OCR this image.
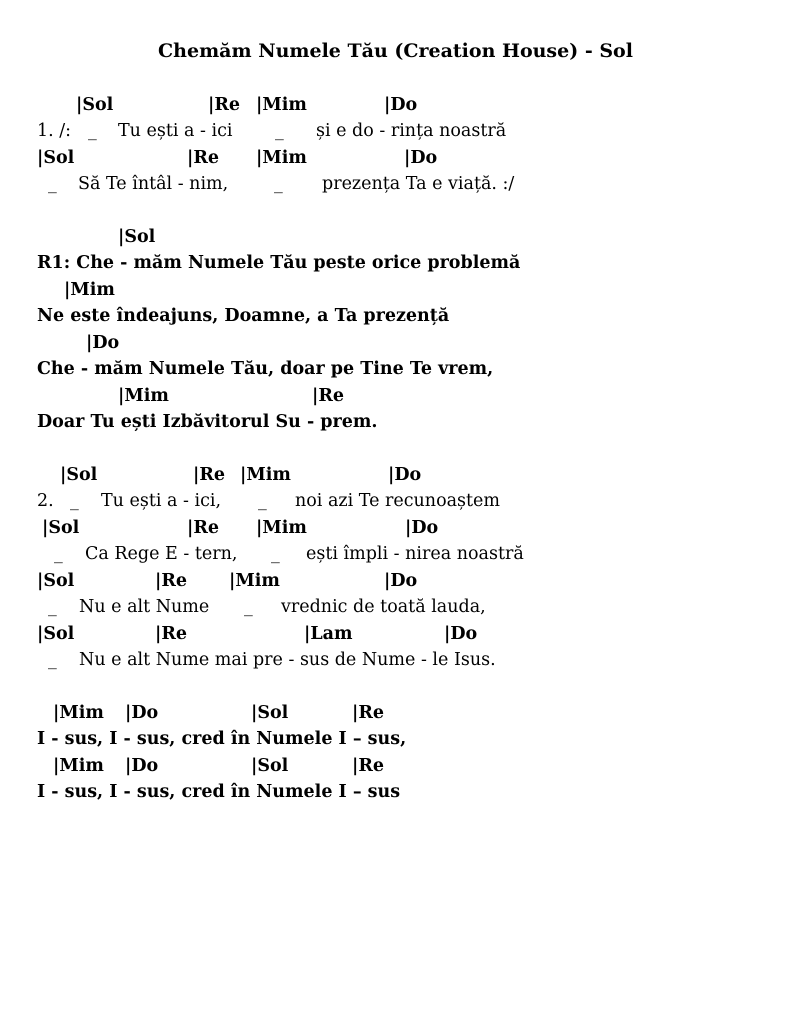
Chemăm Numele Tău (Creation House) - Sol
|Sol	|Re |Mim	|Do
1. /: _ Tu ești a - ici _ și e do - rința noastră
|Sol	|Re |Mim	|Do
_ Să Te întâl - nim,	_ prezența Ta e viață. :/
|Sol
R1: Che - măm Numele Tău peste orice problemă
|Mim
Ne este îndeajuns, Doamne, a Ta prezență
|Do
Che - măm Numele Tău, doar pe Tine Te vrem,
|Mim	|Re
Doar Tu ești Izbăvitorul Su - prem.
|Sol	|Re |Mim	|Do
2. _ Tu ești a - ici, _ noi azi Te recunoaștem
|Sol	|Re |Mim	|Do
_ Ca Rege E - tern, _ ești împli - nirea noastră
|Sol	|Re |Mim	|Do
_ Nu e alt Nume _ vrednic de toată lauda,
|Sol	|Re	|Lam	|Do
_ Nu e alt Nume mai pre - sus de Nume - le Isus.
|Mim |Do	|Sol	|Re
I - sus, I - sus, cred în Numele I – sus,
|Mim |Do	|Sol	|Re
I - sus, I - sus, cred în Numele I – sus
